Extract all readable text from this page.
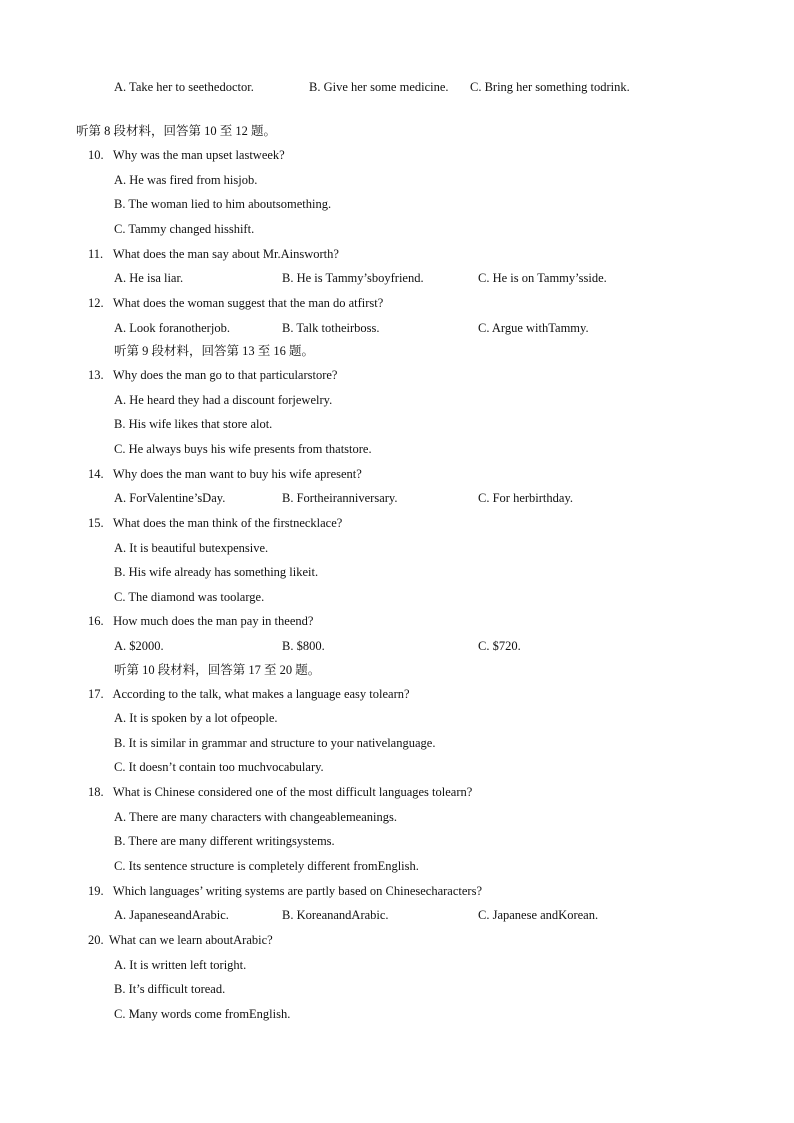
A. Take her to seethedoctor.	B. Give her some medicine. C. Bring her something todrink.
听第 8 段材料，回答第 10 至 12 题。
10. Why was the man upset lastweek?
A. He was fired from hisjob.
B. The woman lied to him aboutsomething.
C. Tammy changed hisshift.
11. What does the man say about Mr.Ainsworth?
A. He isa liar.	B. He is Tammy’sboyfriend.	C. He is on Tammy’sside.
12. What does the woman suggest that the man do atfirst?
A. Look foranotherjob.	B. Talk totheirboss.	C. Argue withTammy.
听第 9 段材料，回答第 13 至 16 题。
13. Why does the man go to that particularstore?
A. He heard they had a discount forjewelry.
B. His wife likes that store alot.
C. He always buys his wife presents from thatstore.
14. Why does the man want to buy his wife apresent?
A. ForValentine’sDay.	B. Fortheiranniversary.	C. For herbirthday.
15. What does the man think of the firstnecklace?
A. It is beautiful butexpensive.
B. His wife already has something likeit.
C. The diamond was toolarge.
16. How much does the man pay in theend?
A. $2000.	B. $800.	C. $720.
听第 10 段材料，回答第 17 至 20 题。
17. According to the talk, what makes a language easy tolearn?
A. It is spoken by a lot ofpeople.
B. It is similar in grammar and structure to your nativelanguage.
C. It doesn’t contain too muchvocabulary.
18. What is Chinese considered one of the most difficult languages tolearn?
A. There are many characters with changeablemeanings.
B. There are many different writingsystems.
C. Its sentence structure is completely different fromEnglish.
19. Which languages’ writing systems are partly based on Chinesecharacters?
A. JapaneseandArabic.	B. KoreanandArabic.	C. Japanese andKorean.
20. What can we learn aboutArabic?
A. It is written left toright.
B. It’s difficult toread.
C. Many words come fromEnglish.
